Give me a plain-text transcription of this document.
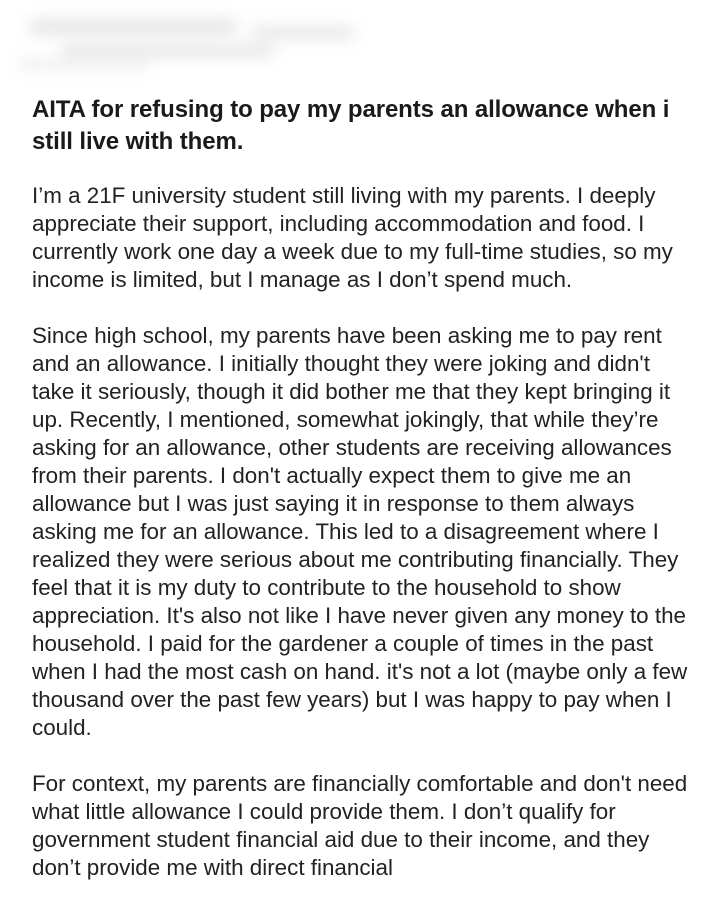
AITA for refusing to pay my parents an allowance when i still live with them.

I’m a 21F university student still living with my parents. I deeply appreciate their support, including accommodation and food. I currently work one day a week due to my full-time studies, so my income is limited, but I manage as I don’t spend much.

Since high school, my parents have been asking me to pay rent and an allowance. I initially thought they were joking and didn't take it seriously, though it did bother me that they kept bringing it up. Recently, I mentioned, somewhat jokingly, that while they’re asking for an allowance, other students are receiving allowances from their parents. I don't actually expect them to give me an allowance but I was just saying it in response to them always asking me for an allowance. This led to a disagreement where I realized they were serious about me contributing financially. They feel that it is my duty to contribute to the household to show appreciation. It's also not like I have never given any money to the household. I paid for the gardener a couple of times in the past when I had the most cash on hand. it's not a lot (maybe only a few thousand over the past few years) but I was happy to pay when I could.

For context, my parents are financially comfortable and don't need what little allowance I could provide them. I don’t qualify for government student financial aid due to their income, and they don’t provide me with direct financial
